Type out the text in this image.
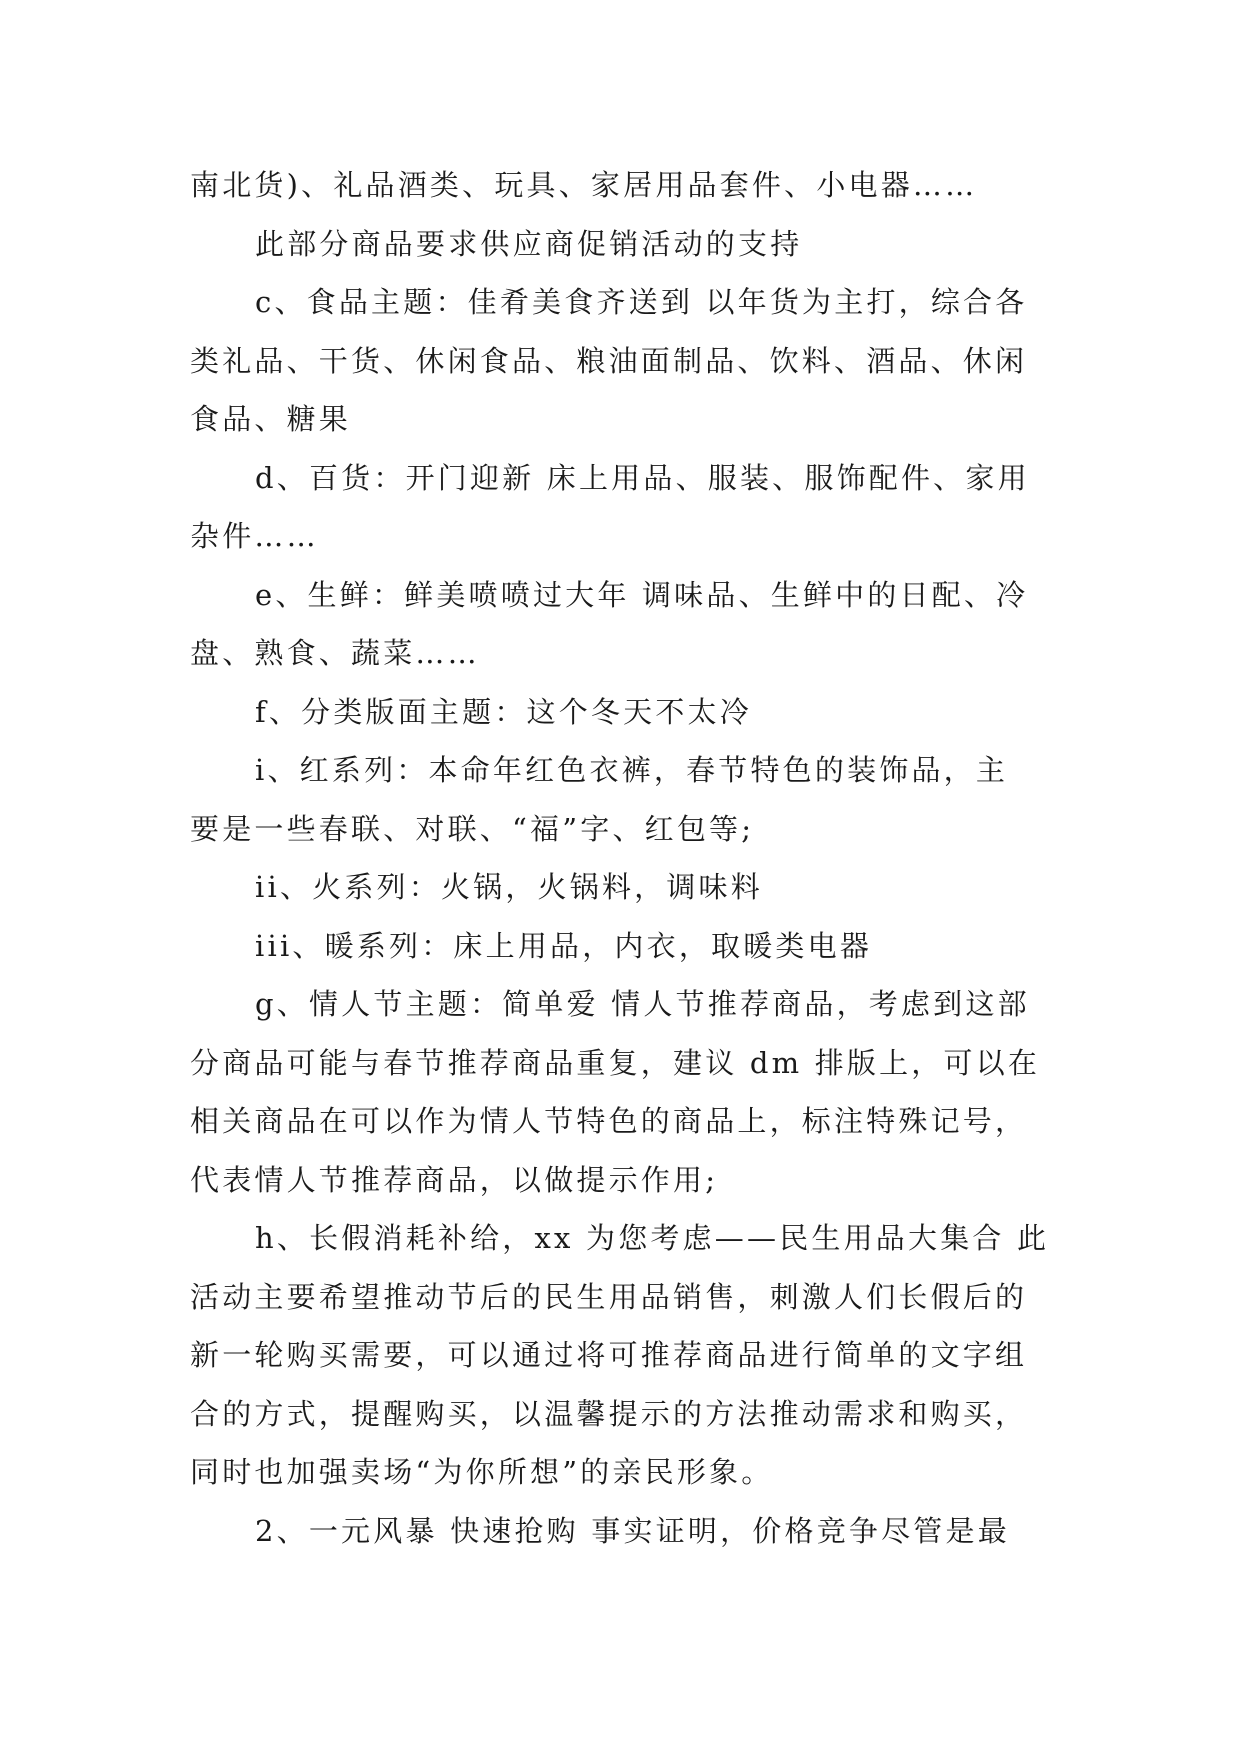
南北货)、礼品酒类、玩具、家居用品套件、小电器……
此部分商品要求供应商促销活动的支持
c、食品主题：佳肴美食齐送到 以年货为主打，综合各
类礼品、干货、休闲食品、粮油面制品、饮料、酒品、休闲
食品、糖果
d、百货：开门迎新 床上用品、服装、服饰配件、家用
杂件……
e、生鲜：鲜美喷喷过大年 调味品、生鲜中的日配、冷
盘、熟食、蔬菜……
f、分类版面主题：这个冬天不太冷
i、红系列：本命年红色衣裤，春节特色的装饰品，主
要是一些春联、对联、“福”字、红包等;
ii、火系列：火锅，火锅料，调味料
iii、暖系列：床上用品，内衣，取暖类电器
g、情人节主题：简单爱 情人节推荐商品，考虑到这部
分商品可能与春节推荐商品重复，建议 dm 排版上，可以在
相关商品在可以作为情人节特色的商品上，标注特殊记号，
代表情人节推荐商品，以做提示作用;
h、长假消耗补给，xx 为您考虑——民生用品大集合 此
活动主要希望推动节后的民生用品销售，刺激人们长假后的
新一轮购买需要，可以通过将可推荐商品进行简单的文字组
合的方式，提醒购买，以温馨提示的方法推动需求和购买，
同时也加强卖场“为你所想”的亲民形象。
2、一元风暴 快速抢购 事实证明，价格竞争尽管是最
